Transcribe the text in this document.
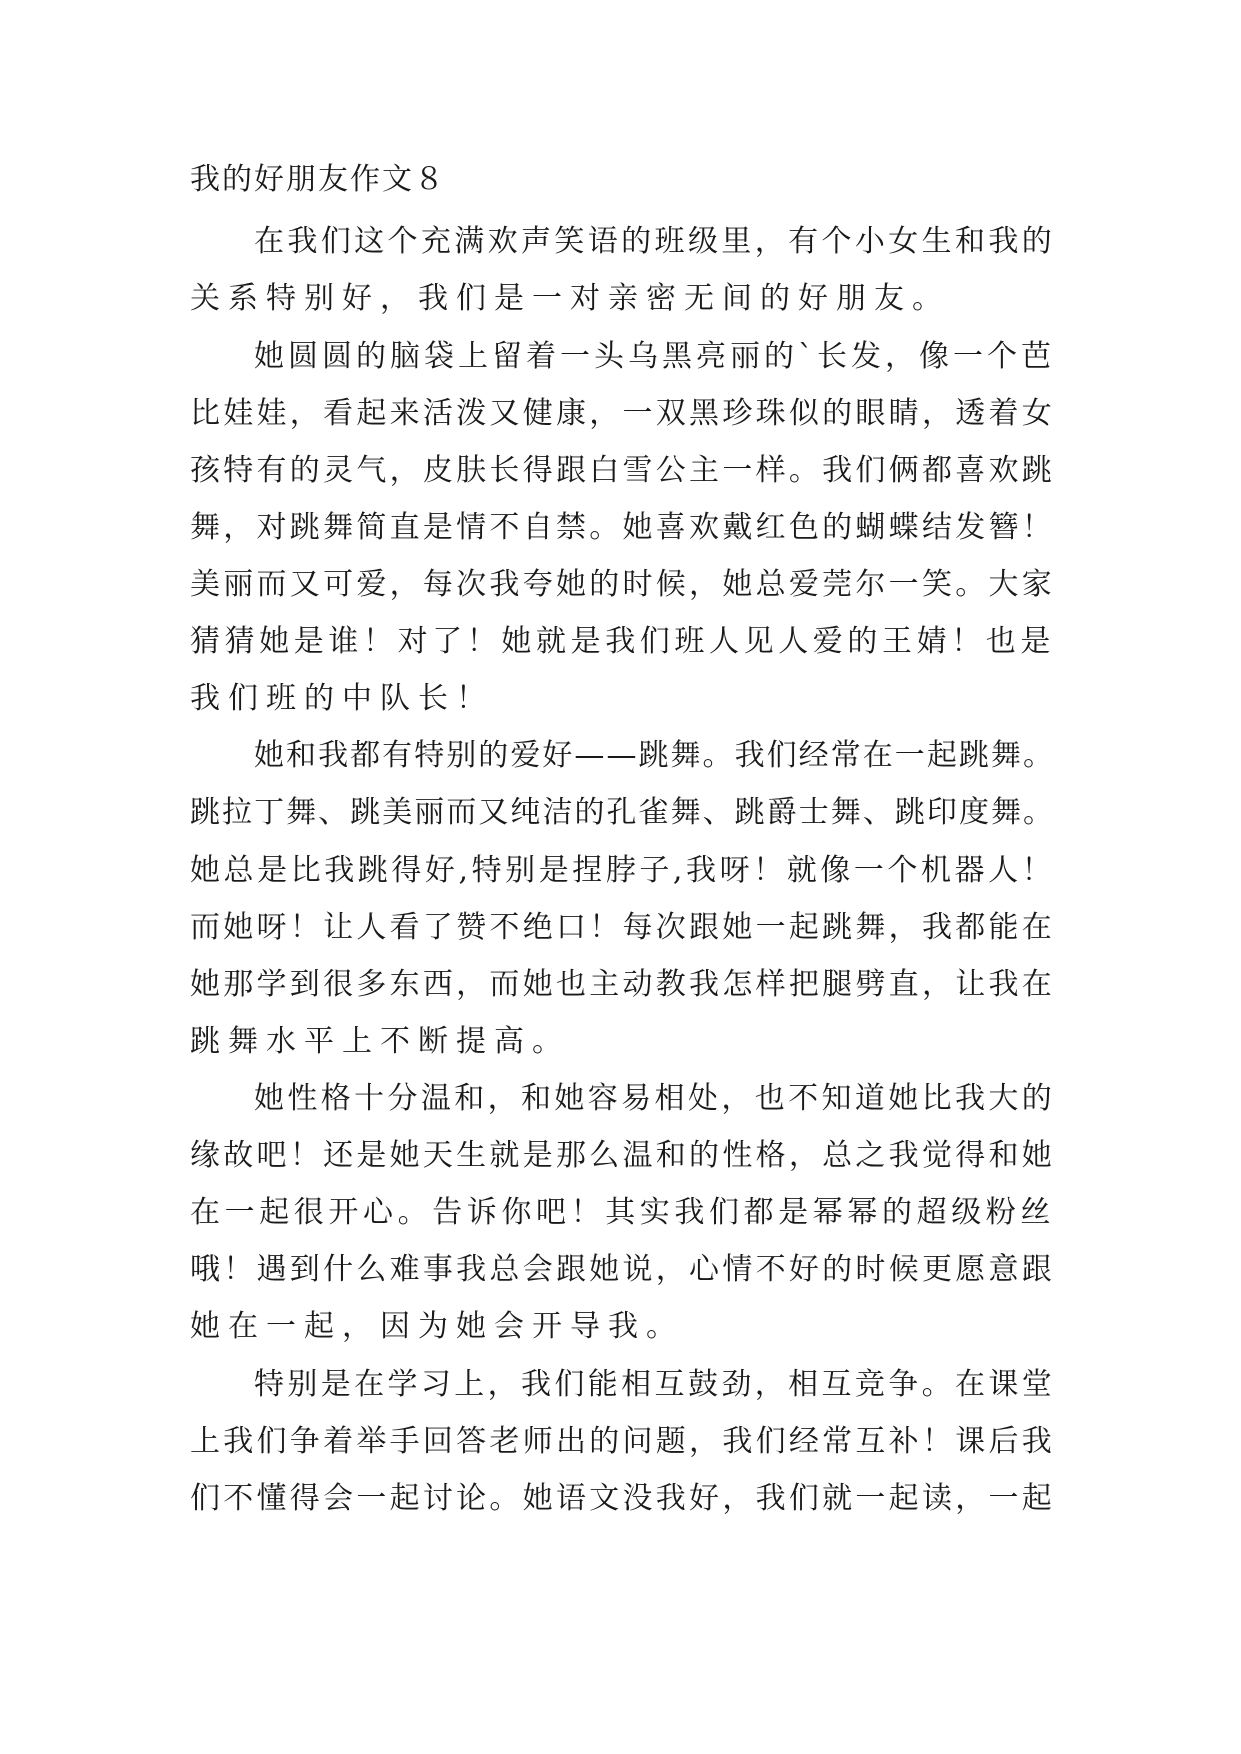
我的好朋友作文８
在我们这个充满欢声笑语的班级里，有个小女生和我的
关系特别好，我们是一对亲密无间的好朋友。
她圆圆的脑袋上留着一头乌黑亮丽的`长发，像一个芭
比娃娃，看起来活泼又健康，一双黑珍珠似的眼睛，透着女
孩特有的灵气，皮肤长得跟白雪公主一样。我们俩都喜欢跳
舞，对跳舞简直是情不自禁。她喜欢戴红色的蝴蝶结发簪！
美丽而又可爱，每次我夸她的时候，她总爱莞尔一笑。大家
猜猜她是谁！对了！她就是我们班人见人爱的王婧！也是
我们班的中队长！
她和我都有特别的爱好——跳舞。我们经常在一起跳舞。
跳拉丁舞、跳美丽而又纯洁的孔雀舞、跳爵士舞、跳印度舞。
她总是比我跳得好,特别是捏脖子,我呀！就像一个机器人！
而她呀！让人看了赞不绝口！每次跟她一起跳舞，我都能在
她那学到很多东西，而她也主动教我怎样把腿劈直，让我在
跳舞水平上不断提高。
她性格十分温和，和她容易相处，也不知道她比我大的
缘故吧！还是她天生就是那么温和的性格，总之我觉得和她
在一起很开心。告诉你吧！其实我们都是幂幂的超级粉丝
哦！遇到什么难事我总会跟她说，心情不好的时候更愿意跟
她在一起，因为她会开导我。
特别是在学习上，我们能相互鼓劲，相互竞争。在课堂
上我们争着举手回答老师出的问题，我们经常互补！课后我
们不懂得会一起讨论。她语文没我好，我们就一起读，一起
